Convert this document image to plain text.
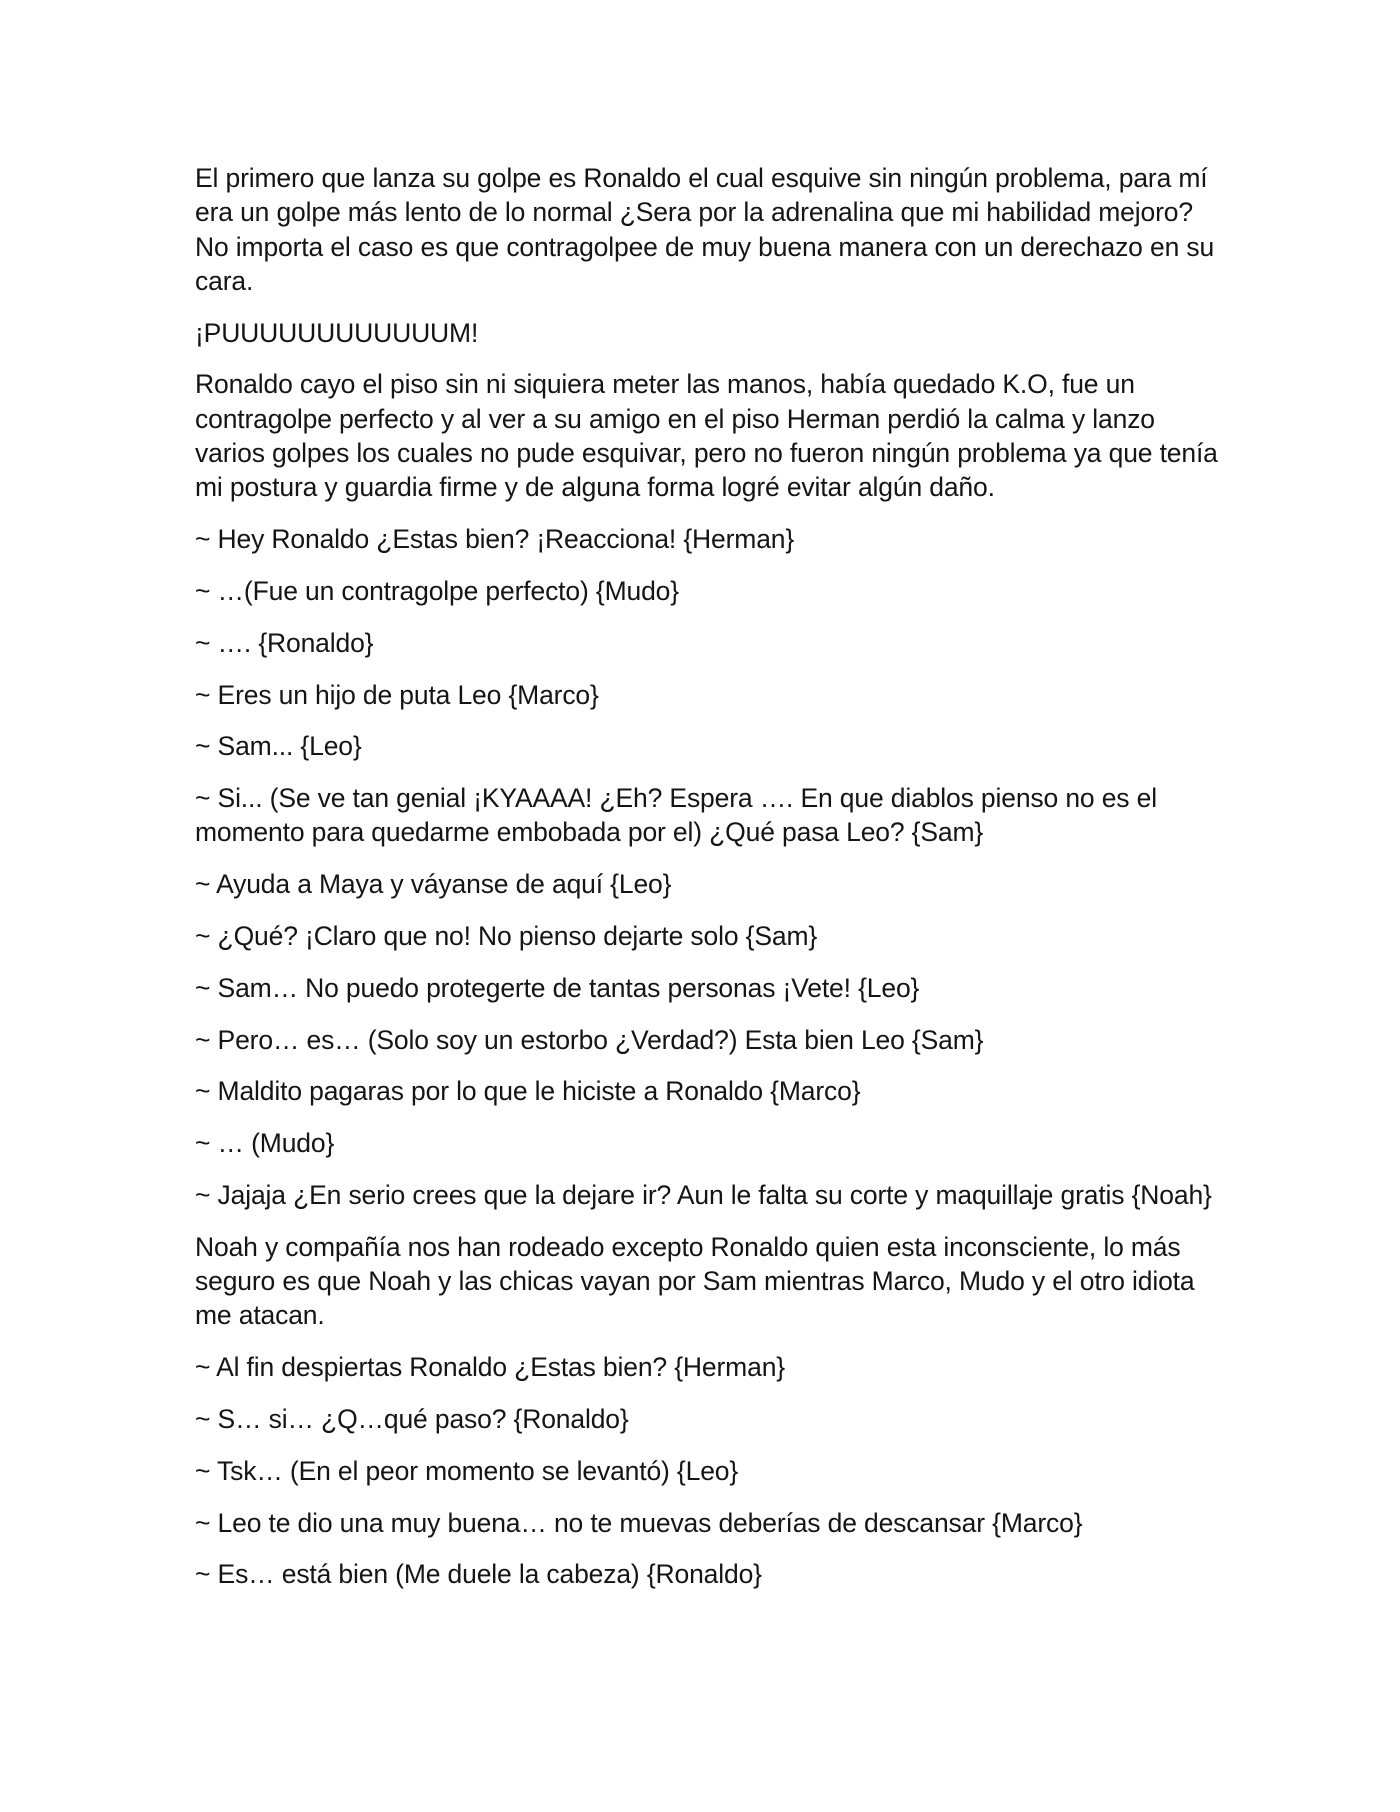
El primero que lanza su golpe es Ronaldo el cual esquive sin ningún problema, para mí era un golpe más lento de lo normal ¿Sera por la adrenalina que mi habilidad mejoro? No importa el caso es que contragolpee de muy buena manera con un derechazo en su cara.

¡PUUUUUUUUUUUUM!

Ronaldo cayo el piso sin ni siquiera meter las manos, había quedado K.O, fue un contragolpe perfecto y al ver a su amigo en el piso Herman perdió la calma y lanzo varios golpes los cuales no pude esquivar, pero no fueron ningún problema ya que tenía mi postura y guardia firme y de alguna forma logré evitar algún daño.

~ Hey Ronaldo ¿Estas bien? ¡Reacciona! {Herman}

~ …(Fue un contragolpe perfecto) {Mudo}

~ …. {Ronaldo}

~ Eres un hijo de puta Leo {Marco}

~ Sam... {Leo}

~ Si... (Se ve tan genial ¡KYAAAA! ¿Eh? Espera …. En que diablos pienso no es el momento para quedarme embobada por el) ¿Qué pasa Leo? {Sam}

~ Ayuda a Maya y váyanse de aquí {Leo}

~ ¿Qué? ¡Claro que no! No pienso dejarte solo {Sam}

~ Sam… No puedo protegerte de tantas personas ¡Vete! {Leo}

~ Pero… es… (Solo soy un estorbo ¿Verdad?) Esta bien Leo {Sam}

~ Maldito pagaras por lo que le hiciste a Ronaldo {Marco}

~ … (Mudo}

~ Jajaja ¿En serio crees que la dejare ir? Aun le falta su corte y maquillaje gratis {Noah}

Noah y compañía nos han rodeado excepto Ronaldo quien esta inconsciente, lo más seguro es que Noah y las chicas vayan por Sam mientras Marco, Mudo y el otro idiota me atacan.

~ Al fin despiertas Ronaldo ¿Estas bien? {Herman}

~ S… si… ¿Q…qué paso? {Ronaldo}

~ Tsk… (En el peor momento se levantó) {Leo}

~ Leo te dio una muy buena… no te muevas deberías de descansar {Marco}

~ Es… está bien (Me duele la cabeza) {Ronaldo}
